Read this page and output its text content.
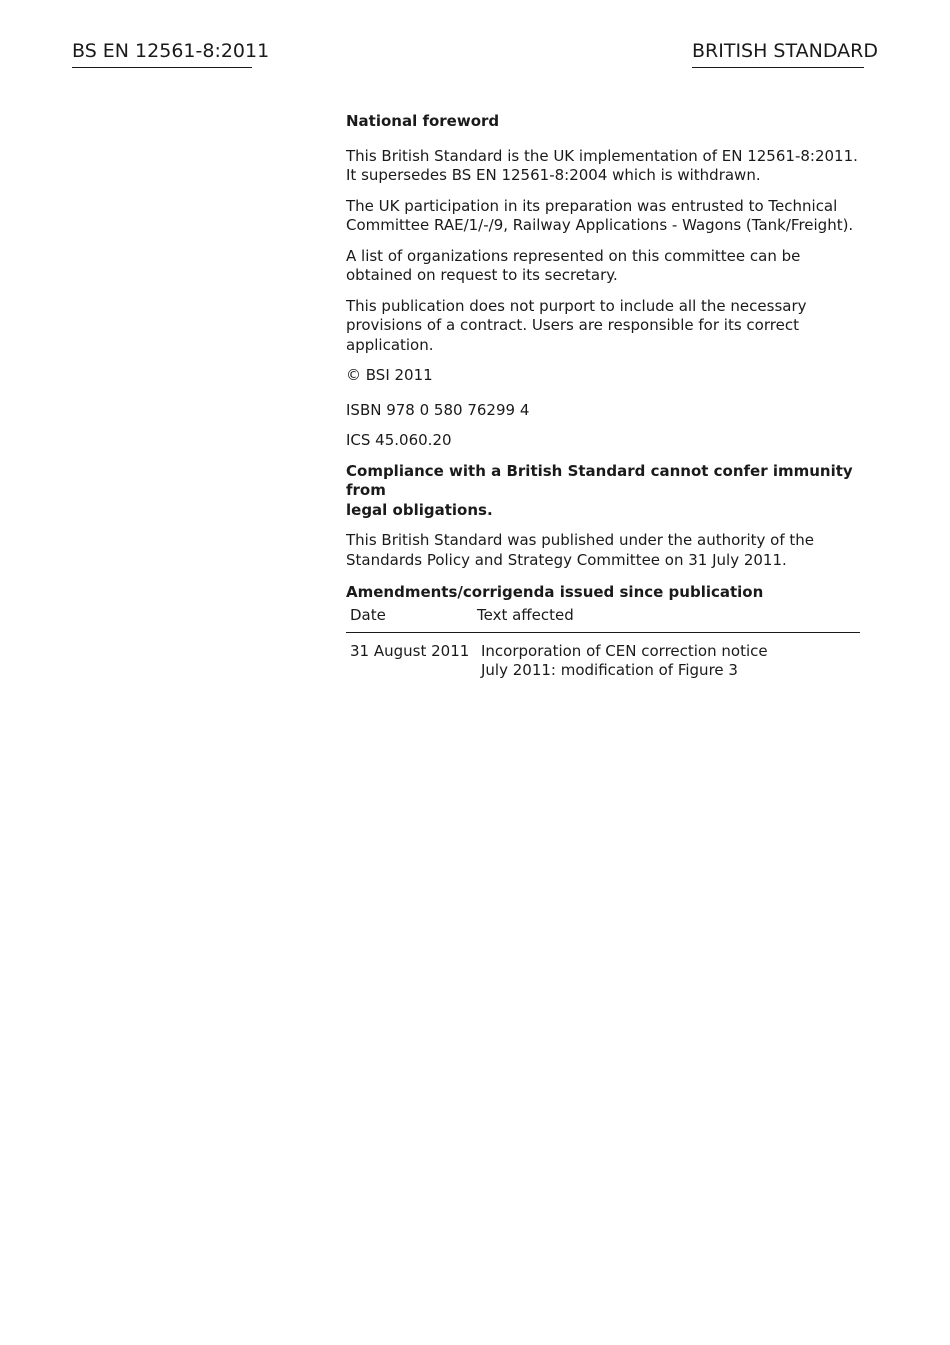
BS EN 12561-8:2011	BRITISH STANDARD

National foreword

This British Standard is the UK implementation of EN 12561-8:2011.
It supersedes BS EN 12561-8:2004 which is withdrawn.

The UK participation in its preparation was entrusted to Technical
Committee RAE/1/-/9, Railway Applications - Wagons (Tank/Freight).

A list of organizations represented on this committee can be
obtained on request to its secretary.

This publication does not purport to include all the necessary
provisions of a contract. Users are responsible for its correct
application.

© BSI 2011

ISBN 978 0 580 76299 4

ICS 45.060.20

Compliance with a British Standard cannot confer immunity from
legal obligations.

This British Standard was published under the authority of the
Standards Policy and Strategy Committee on 31 July 2011.

Amendments/corrigenda issued since publication

Date	Text affected
31 August 2011 Incorporation of CEN correction notice
July 2011: modification of Figure 3
